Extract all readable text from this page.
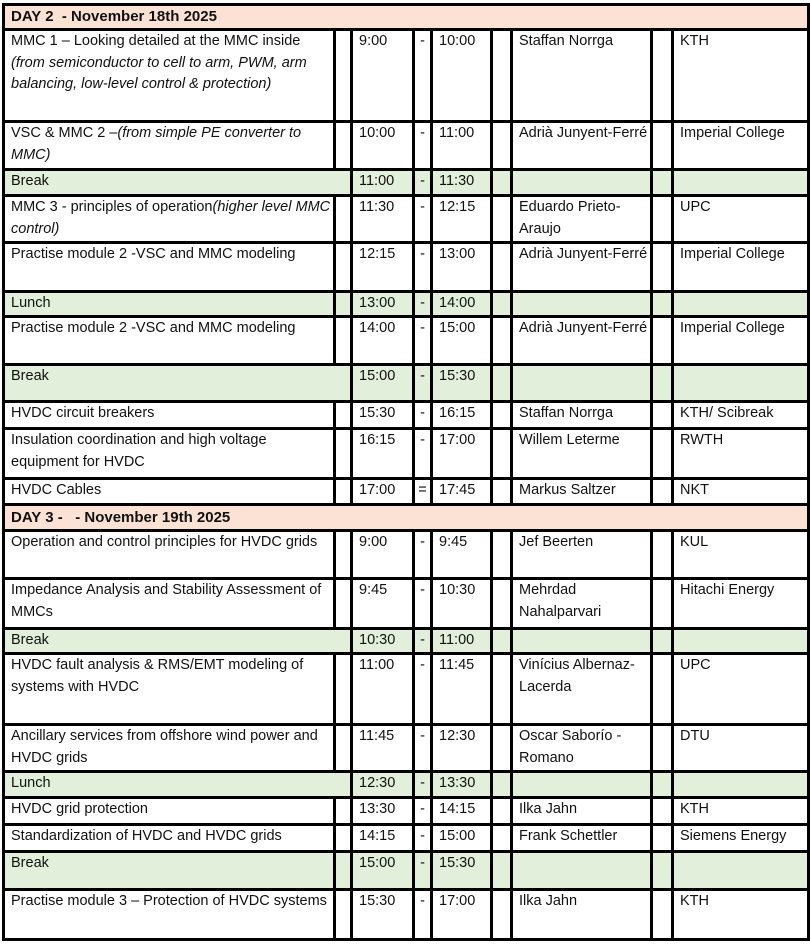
DAY 2  - November 18th 2025								
MMC 1 – Looking detailed at the MMC inside (from semiconductor to cell to arm, PWM, arm balancing, low-level control & protection)		9:00	-	10:00		Staffan Norrga		KTH
VSC & MMC 2 –(from simple PE converter to MMC)		10:00	-	11:00		Adrià Junyent-Ferré		Imperial College
Break		11:00	-	11:30				
MMC 3 - principles of operation(higher level MMC control)		11:30	-	12:15		Eduardo Prieto-Araujo		UPC
Practise module 2 -VSC and MMC modeling		12:15	-	13:00		Adrià Junyent-Ferré		Imperial College
Lunch		13:00	-	14:00				
Practise module 2 -VSC and MMC modeling		14:00	-	15:00		Adrià Junyent-Ferré		Imperial College
Break		15:00	-	15:30				
HVDC circuit breakers		15:30	-	16:15		Staffan Norrga		KTH/ Scibreak
Insulation coordination and high voltage equipment for HVDC		16:15	-	17:00		Willem Leterme		RWTH
HVDC Cables		17:00	=	17:45		Markus Saltzer		NKT
DAY 3 -   - November 19th 2025								
Operation and control principles for HVDC grids		9:00	-	9:45		Jef Beerten		KUL
Impedance Analysis and Stability Assessment of MMCs		9:45	-	10:30		Mehrdad Nahalparvari		Hitachi Energy
Break		10:30	-	11:00				
HVDC fault analysis & RMS/EMT modeling of systems with HVDC		11:00	-	11:45		Vinícius Albernaz-Lacerda		UPC
Ancillary services from offshore wind power and HVDC grids		11:45	-	12:30		Oscar Saborío -Romano		DTU
Lunch		12:30	-	13:30				
HVDC grid protection		13:30	-	14:15		Ilka Jahn		KTH
Standardization of HVDC and HVDC grids		14:15	-	15:00		Frank Schettler		Siemens Energy
Break		15:00	-	15:30				
Practise module 3 – Protection of HVDC systems		15:30	-	17:00		Ilka Jahn		KTH
